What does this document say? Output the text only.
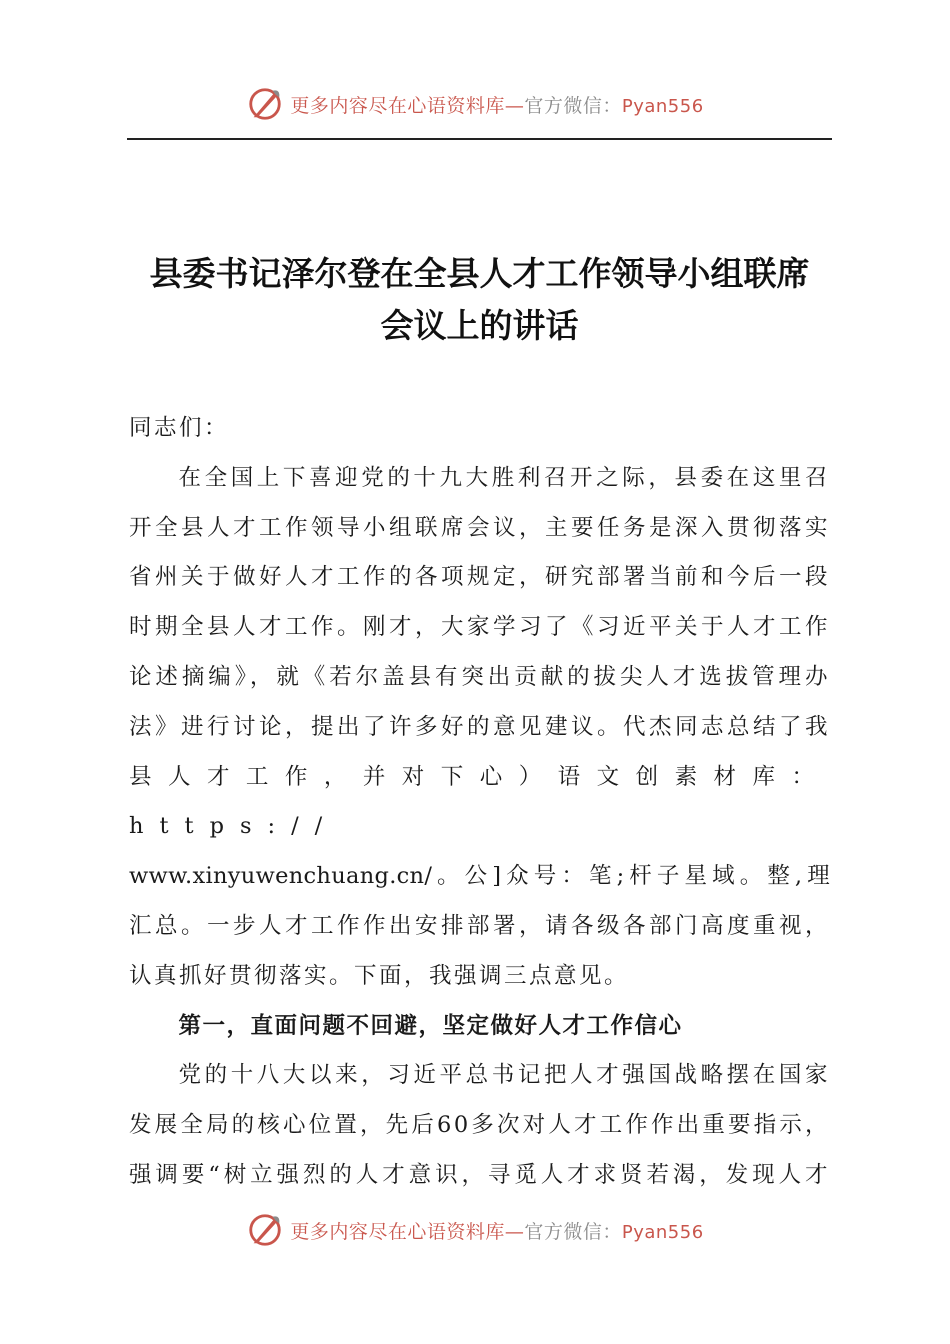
更多内容尽在心语资料库—官方微信：Pyan556
县委书记泽尔登在全县人才工作领导小组联席
会议上的讲话

同志们：

在全国上下喜迎党的十九大胜利召开之际，县委在这里召
开全县人才工作领导小组联席会议，主要任务是深入贯彻落实
省州关于做好人才工作的各项规定，研究部署当前和今后一段
时期全县人才工作。刚才，大家学习了《习近平关于人才工作
论述摘编》，就《若尔盖县有突出贡献的拔尖人才选拔管理办
法》进行讨论，提出了许多好的意见建议。代杰同志总结了我
县人才工作，并对下心）语文创素材库：https://
www.xinyuwenchuang.cn/。公]众号：笔;杆子星域。整,理
汇总。一步人才工作作出安排部署，请各级各部门高度重视，
认真抓好贯彻落实。下面，我强调三点意见。

第一，直面问题不回避，坚定做好人才工作信心

党的十八大以来，习近平总书记把人才强国战略摆在国家
发展全局的核心位置，先后60多次对人才工作作出重要指示，
强调要“树立强烈的人才意识，寻觅人才求贤若渴，发现人才

更多内容尽在心语资料库—官方微信：Pyan556
